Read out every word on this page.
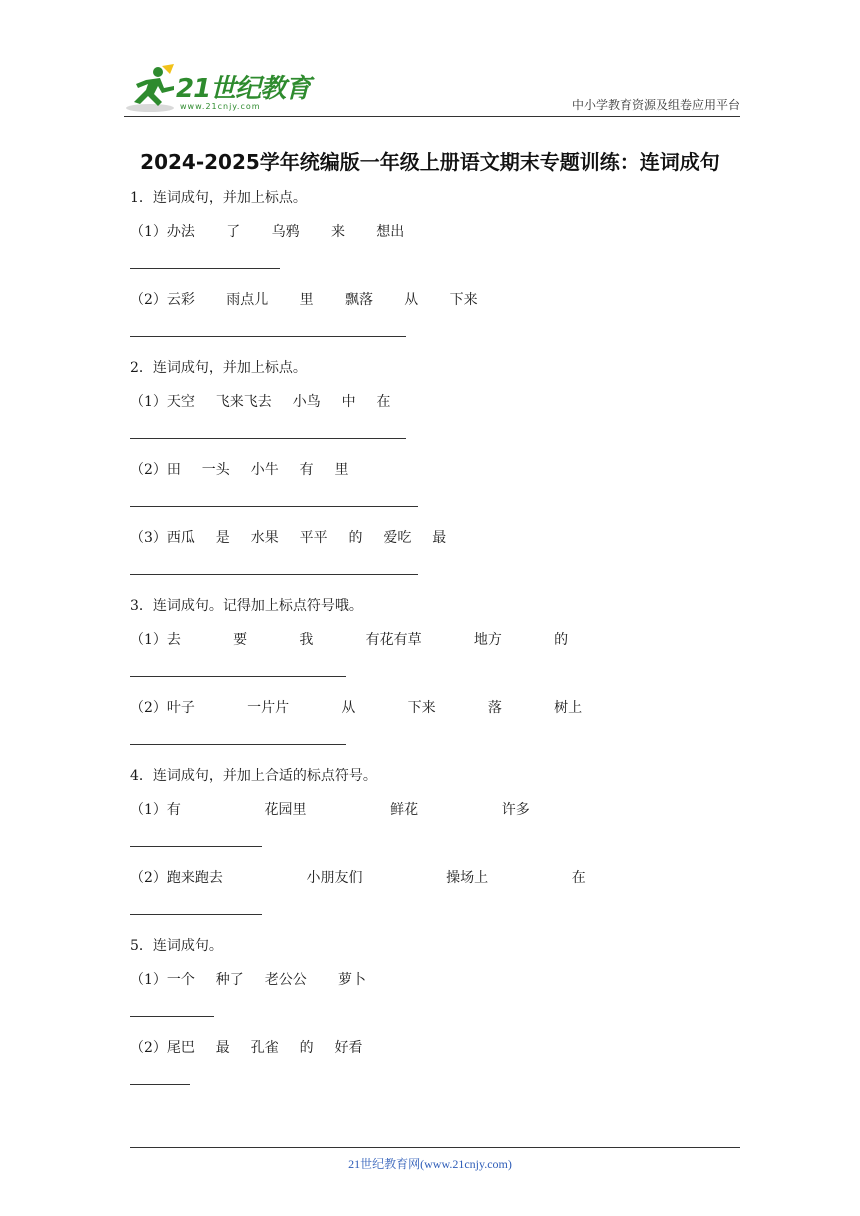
21世纪教育
www.21cnjy.com	中小学教育资源及组卷应用平台
2024-2025学年统编版一年级上册语文期末专题训练：连词成句
1．连词成句，并加上标点。
（1）办法   了   乌鸦   来   想出
（2）云彩   雨点儿   里   飘落   从   下来
2．连词成句，并加上标点。
（1）天空  飞来飞去  小鸟  中  在
（2）田  一头  小牛  有  里
（3）西瓜  是  水果  平平  的  爱吃  最
3．连词成句。记得加上标点符号哦。
（1）去     要     我     有花有草     地方     的
（2）叶子     一片片     从     下来     落     树上
4．连词成句，并加上合适的标点符号。
（1）有        花园里        鲜花        许多
（2）跑来跑去        小朋友们        操场上        在
5．连词成句。
（1）一个  种了  老公公   萝卜
（2）尾巴  最  孔雀  的  好看
21世纪教育网(www.21cnjy.com)
